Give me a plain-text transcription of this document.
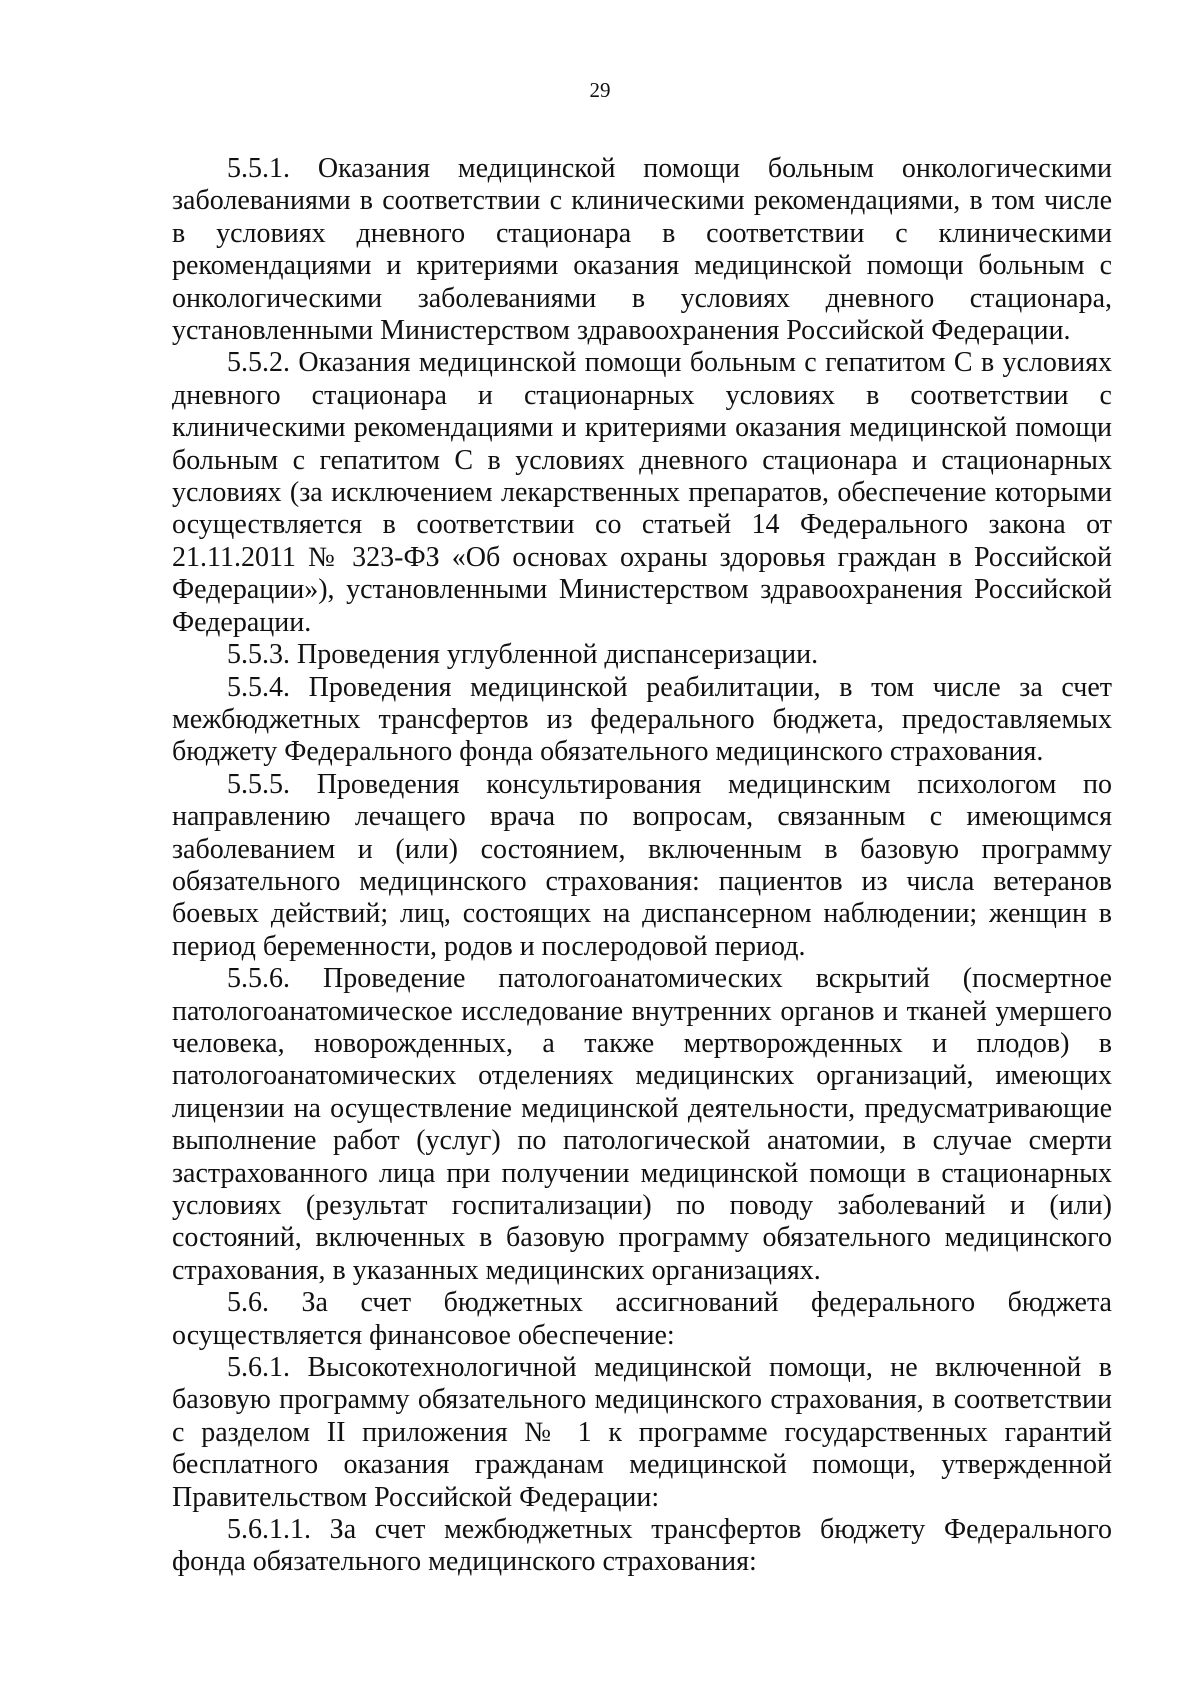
29

5.5.1. Оказания медицинской помощи больным онкологическими заболеваниями в соответствии с клиническими рекомендациями, в том числе в условиях дневного стационара в соответствии с клиническими рекомендациями и критериями оказания медицинской помощи больным с онкологическими заболеваниями в условиях дневного стационара, установленными Министерством здравоохранения Российской Федерации.

5.5.2. Оказания медицинской помощи больным с гепатитом С в условиях дневного стационара и стационарных условиях в соответствии с клиническими рекомендациями и критериями оказания медицинской помощи больным с гепатитом С в условиях дневного стационара и стационарных условиях (за исключением лекарственных препаратов, обеспечение которыми осуществляется в соответствии со статьей 14 Федерального закона от 21.11.2011 № 323-ФЗ «Об основах охраны здоровья граждан в Российской Федерации»), установленными Министерством здравоохранения Российской Федерации.

5.5.3. Проведения углубленной диспансеризации.

5.5.4. Проведения медицинской реабилитации, в том числе за счет межбюджетных трансфертов из федерального бюджета, предоставляемых бюджету Федерального фонда обязательного медицинского страхования.

5.5.5. Проведения консультирования медицинским психологом по направлению лечащего врача по вопросам, связанным с имеющимся заболеванием и (или) состоянием, включенным в базовую программу обязательного медицинского страхования: пациентов из числа ветеранов боевых действий; лиц, состоящих на диспансерном наблюдении; женщин в период беременности, родов и послеродовой период.

5.5.6. Проведение патологоанатомических вскрытий (посмертное патологоанатомическое исследование внутренних органов и тканей умершего человека, новорожденных, а также мертворожденных и плодов) в патологоанатомических отделениях медицинских организаций, имеющих лицензии на осуществление медицинской деятельности, предусматривающие выполнение работ (услуг) по патологической анатомии, в случае смерти застрахованного лица при получении медицинской помощи в стационарных условиях (результат госпитализации) по поводу заболеваний и (или) состояний, включенных в базовую программу обязательного медицинского страхования, в указанных медицинских организациях.

5.6. За счет бюджетных ассигнований федерального бюджета осуществляется финансовое обеспечение:

5.6.1. Высокотехнологичной медицинской помощи, не включенной в базовую программу обязательного медицинского страхования, в соответствии с разделом II приложения № 1 к программе государственных гарантий бесплатного оказания гражданам медицинской помощи, утвержденной Правительством Российской Федерации:

5.6.1.1. За счет межбюджетных трансфертов бюджету Федерального фонда обязательного медицинского страхования:
